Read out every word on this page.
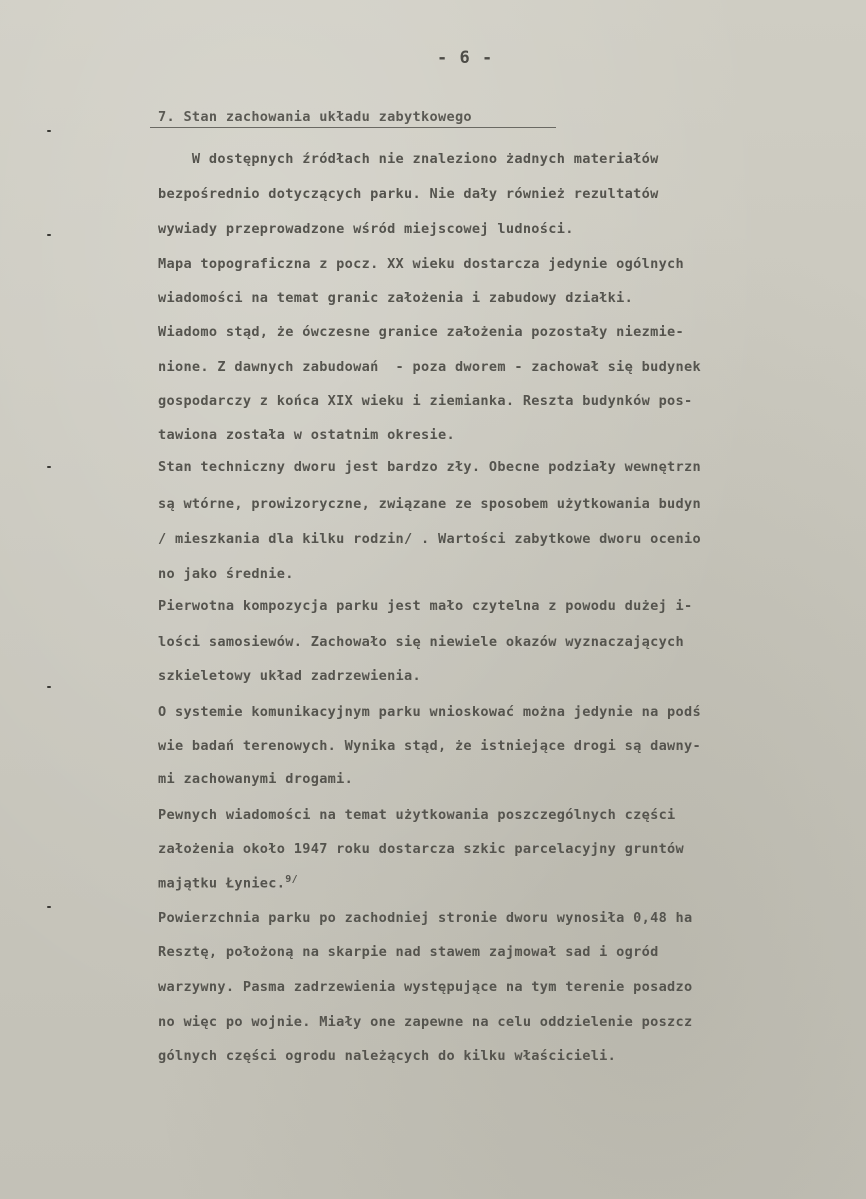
- 6 -

7. Stan zachowania układu zabytkowego

W dostępnych źródłach nie znaleziono żadnych materiałów

bezpośrednio dotyczących parku. Nie dały również rezultatów

wywiady przeprowadzone wśród miejscowej ludności.

Mapa topograficzna z pocz. XX wieku dostarcza jedynie ogólnych

wiadomości na temat granic założenia i zabudowy działki.

Wiadomo stąd, że ówczesne granice założenia pozostały niezmie-

nione. Z dawnych zabudowań  - poza dworem - zachował się budynek

gospodarczy z końca XIX wieku i ziemianka. Reszta budynków pos-

tawiona została w ostatnim okresie.

Stan techniczny dworu jest bardzo zły. Obecne podziały wewnętrzn

są wtórne, prowizoryczne, związane ze sposobem użytkowania budyn

/ mieszkania dla kilku rodzin/ . Wartości zabytkowe dworu ocenio

no jako średnie.

Pierwotna kompozycja parku jest mało czytelna z powodu dużej i-

lości samosiewów. Zachowało się niewiele okazów wyznaczających

szkieletowy układ zadrzewienia.

O systemie komunikacyjnym parku wnioskować można jedynie na podś

wie badań terenowych. Wynika stąd, że istniejące drogi są dawny-

mi zachowanymi drogami.

Pewnych wiadomości na temat użytkowania poszczególnych części

założenia około 1947 roku dostarcza szkic parcelacyjny gruntów

majątku Łyniec.$^{9/}$

Powierzchnia parku po zachodniej stronie dworu wynosiła 0,48 ha

Resztę, położoną na skarpie nad stawem zajmował sad i ogród

warzywny. Pasma zadrzewienia występujące na tym terenie posadzo

no więc po wojnie. Miały one zapewne na celu oddzielenie poszcz

gólnych części ogrodu należących do kilku właścicieli.
